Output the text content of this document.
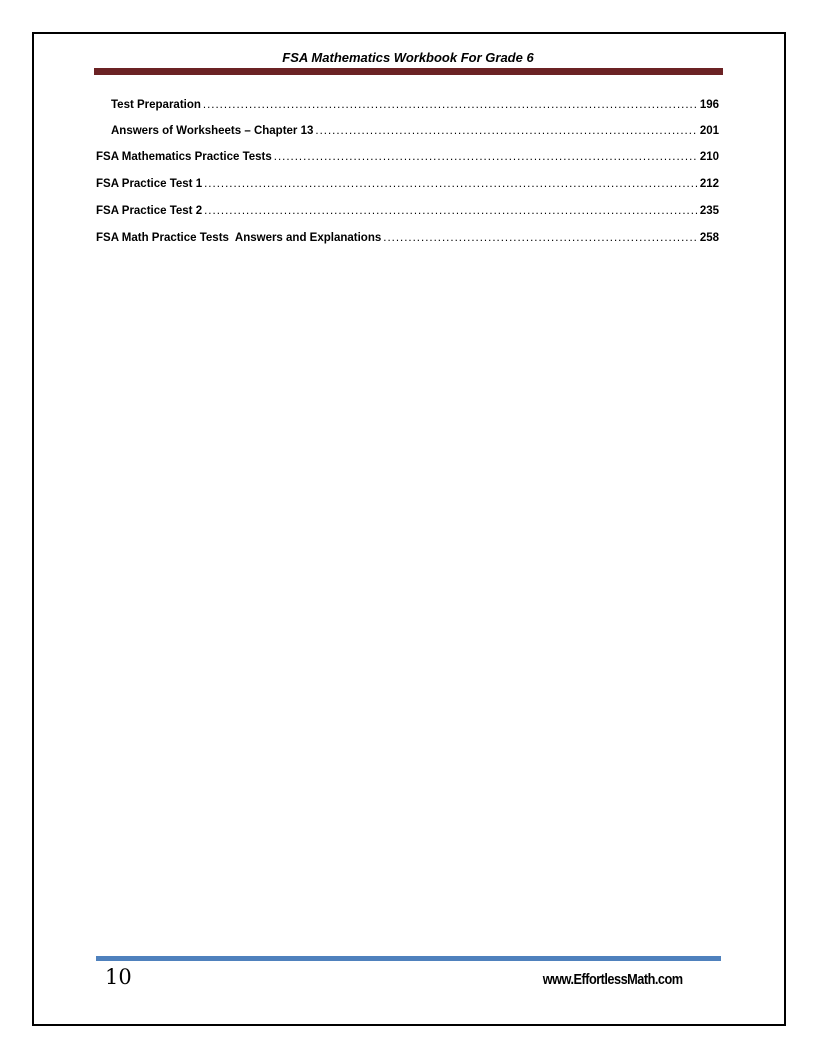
FSA Mathematics Workbook For Grade 6
Test Preparation .....	196
Answers of Worksheets – Chapter 13 .....	201
FSA Mathematics Practice Tests .....	210
FSA Practice Test 1 .....	212
FSA Practice Test 2 .....	235
FSA Math Practice Tests  Answers and Explanations .....	258
10	www.EffortlessMath.com
